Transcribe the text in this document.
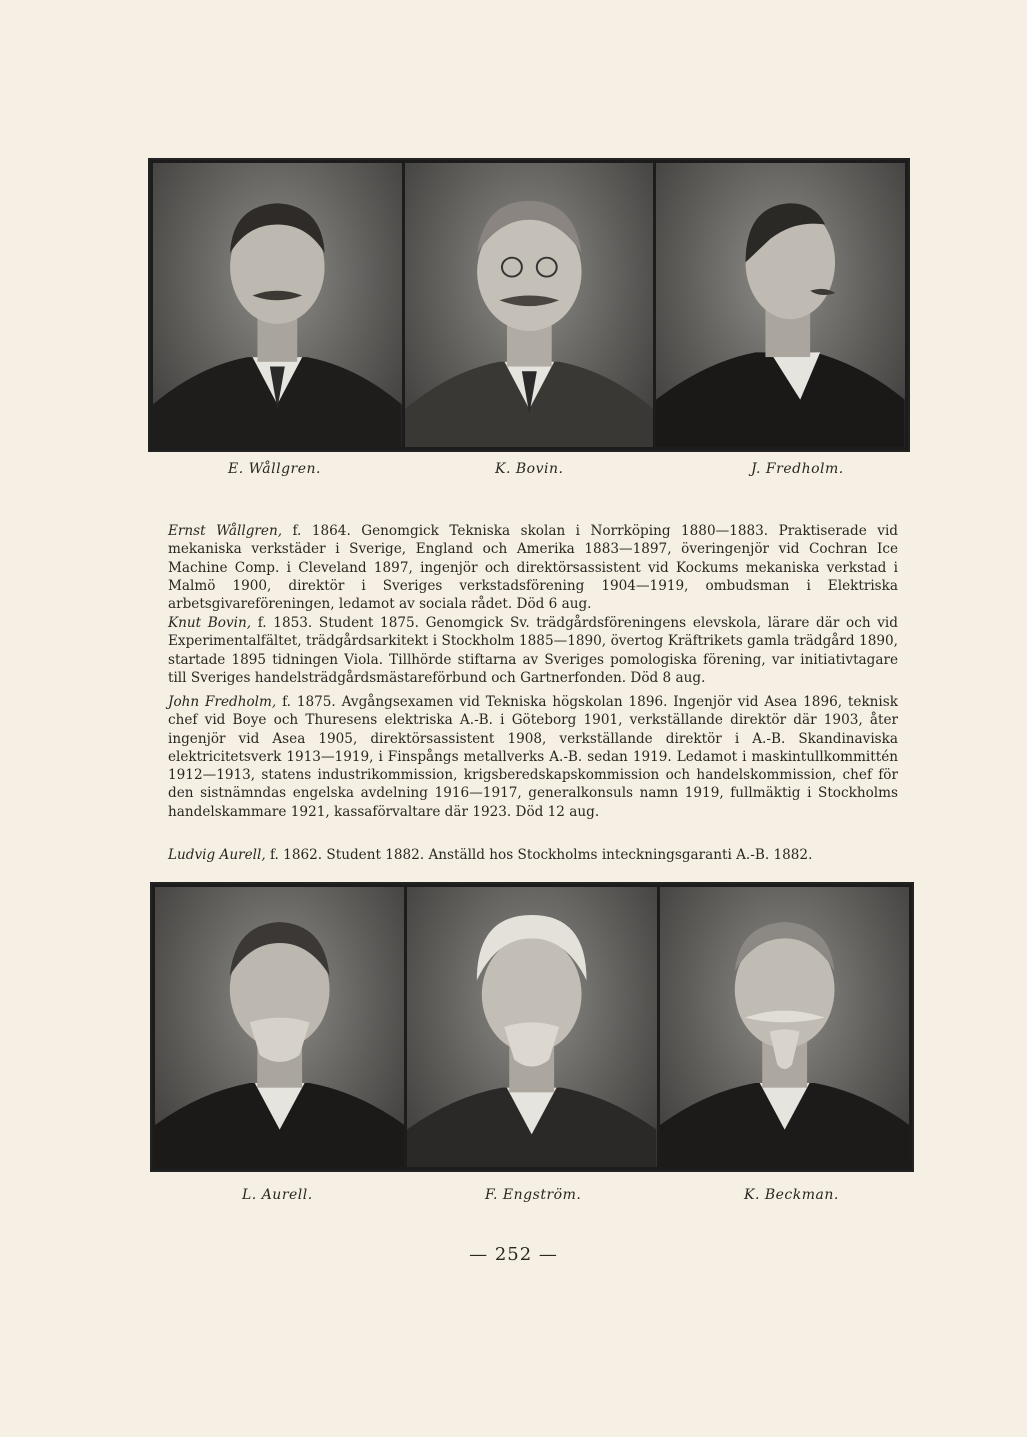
E. Wållgren.	K. Bovin.	J. Fredholm.

Ernst Wållgren, f. 1864. Genomgick Tekniska skolan i Norrköping 1880—1883. Praktiserade vid mekaniska verkstäder i Sverige, England och Amerika 1883—1897, överingenjör vid Cochran Ice Machine Comp. i Cleveland 1897, ingenjör och direktörsassistent vid Kockums mekaniska verkstad i Malmö 1900, direktör i Sveriges verkstadsförening 1904—1919, ombudsman i Elektriska arbetsgivareföreningen, ledamot av sociala rådet. Död 6 aug.

Knut Bovin, f. 1853. Student 1875. Genomgick Sv. trädgårdsföreningens elevskola, lärare där och vid Experimentalfältet, trädgårdsarkitekt i Stockholm 1885—1890, övertog Kräftrikets gamla trädgård 1890, startade 1895 tidningen Viola. Tillhörde stiftarna av Sveriges pomologiska förening, var initiativtagare till Sveriges handelsträdgårdsmästareförbund och Gartnerfonden. Död 8 aug.

John Fredholm, f. 1875. Avgångsexamen vid Tekniska högskolan 1896. Ingenjör vid Asea 1896, teknisk chef vid Boye och Thuresens elektriska A.-B. i Göteborg 1901, verkställande direktör där 1903, åter ingenjör vid Asea 1905, direktörsassistent 1908, verkställande direktör i A.-B. Skandinaviska elektricitetsverk 1913—1919, i Finspångs metallverks A.-B. sedan 1919. Ledamot i maskintullkommittén 1912—1913, statens industrikommission, krigsberedskapskommission och handelskommission, chef för den sistnämndas engelska avdelning 1916—1917, generalkonsuls namn 1919, fullmäktig i Stockholms handelskammare 1921, kassaförvaltare där 1923. Död 12 aug.

Ludvig Aurell, f. 1862. Student 1882. Anställd hos Stockholms inteckningsgaranti A.-B. 1882.

L. Aurell.	F. Engström.	K. Beckman.
— 252 —
